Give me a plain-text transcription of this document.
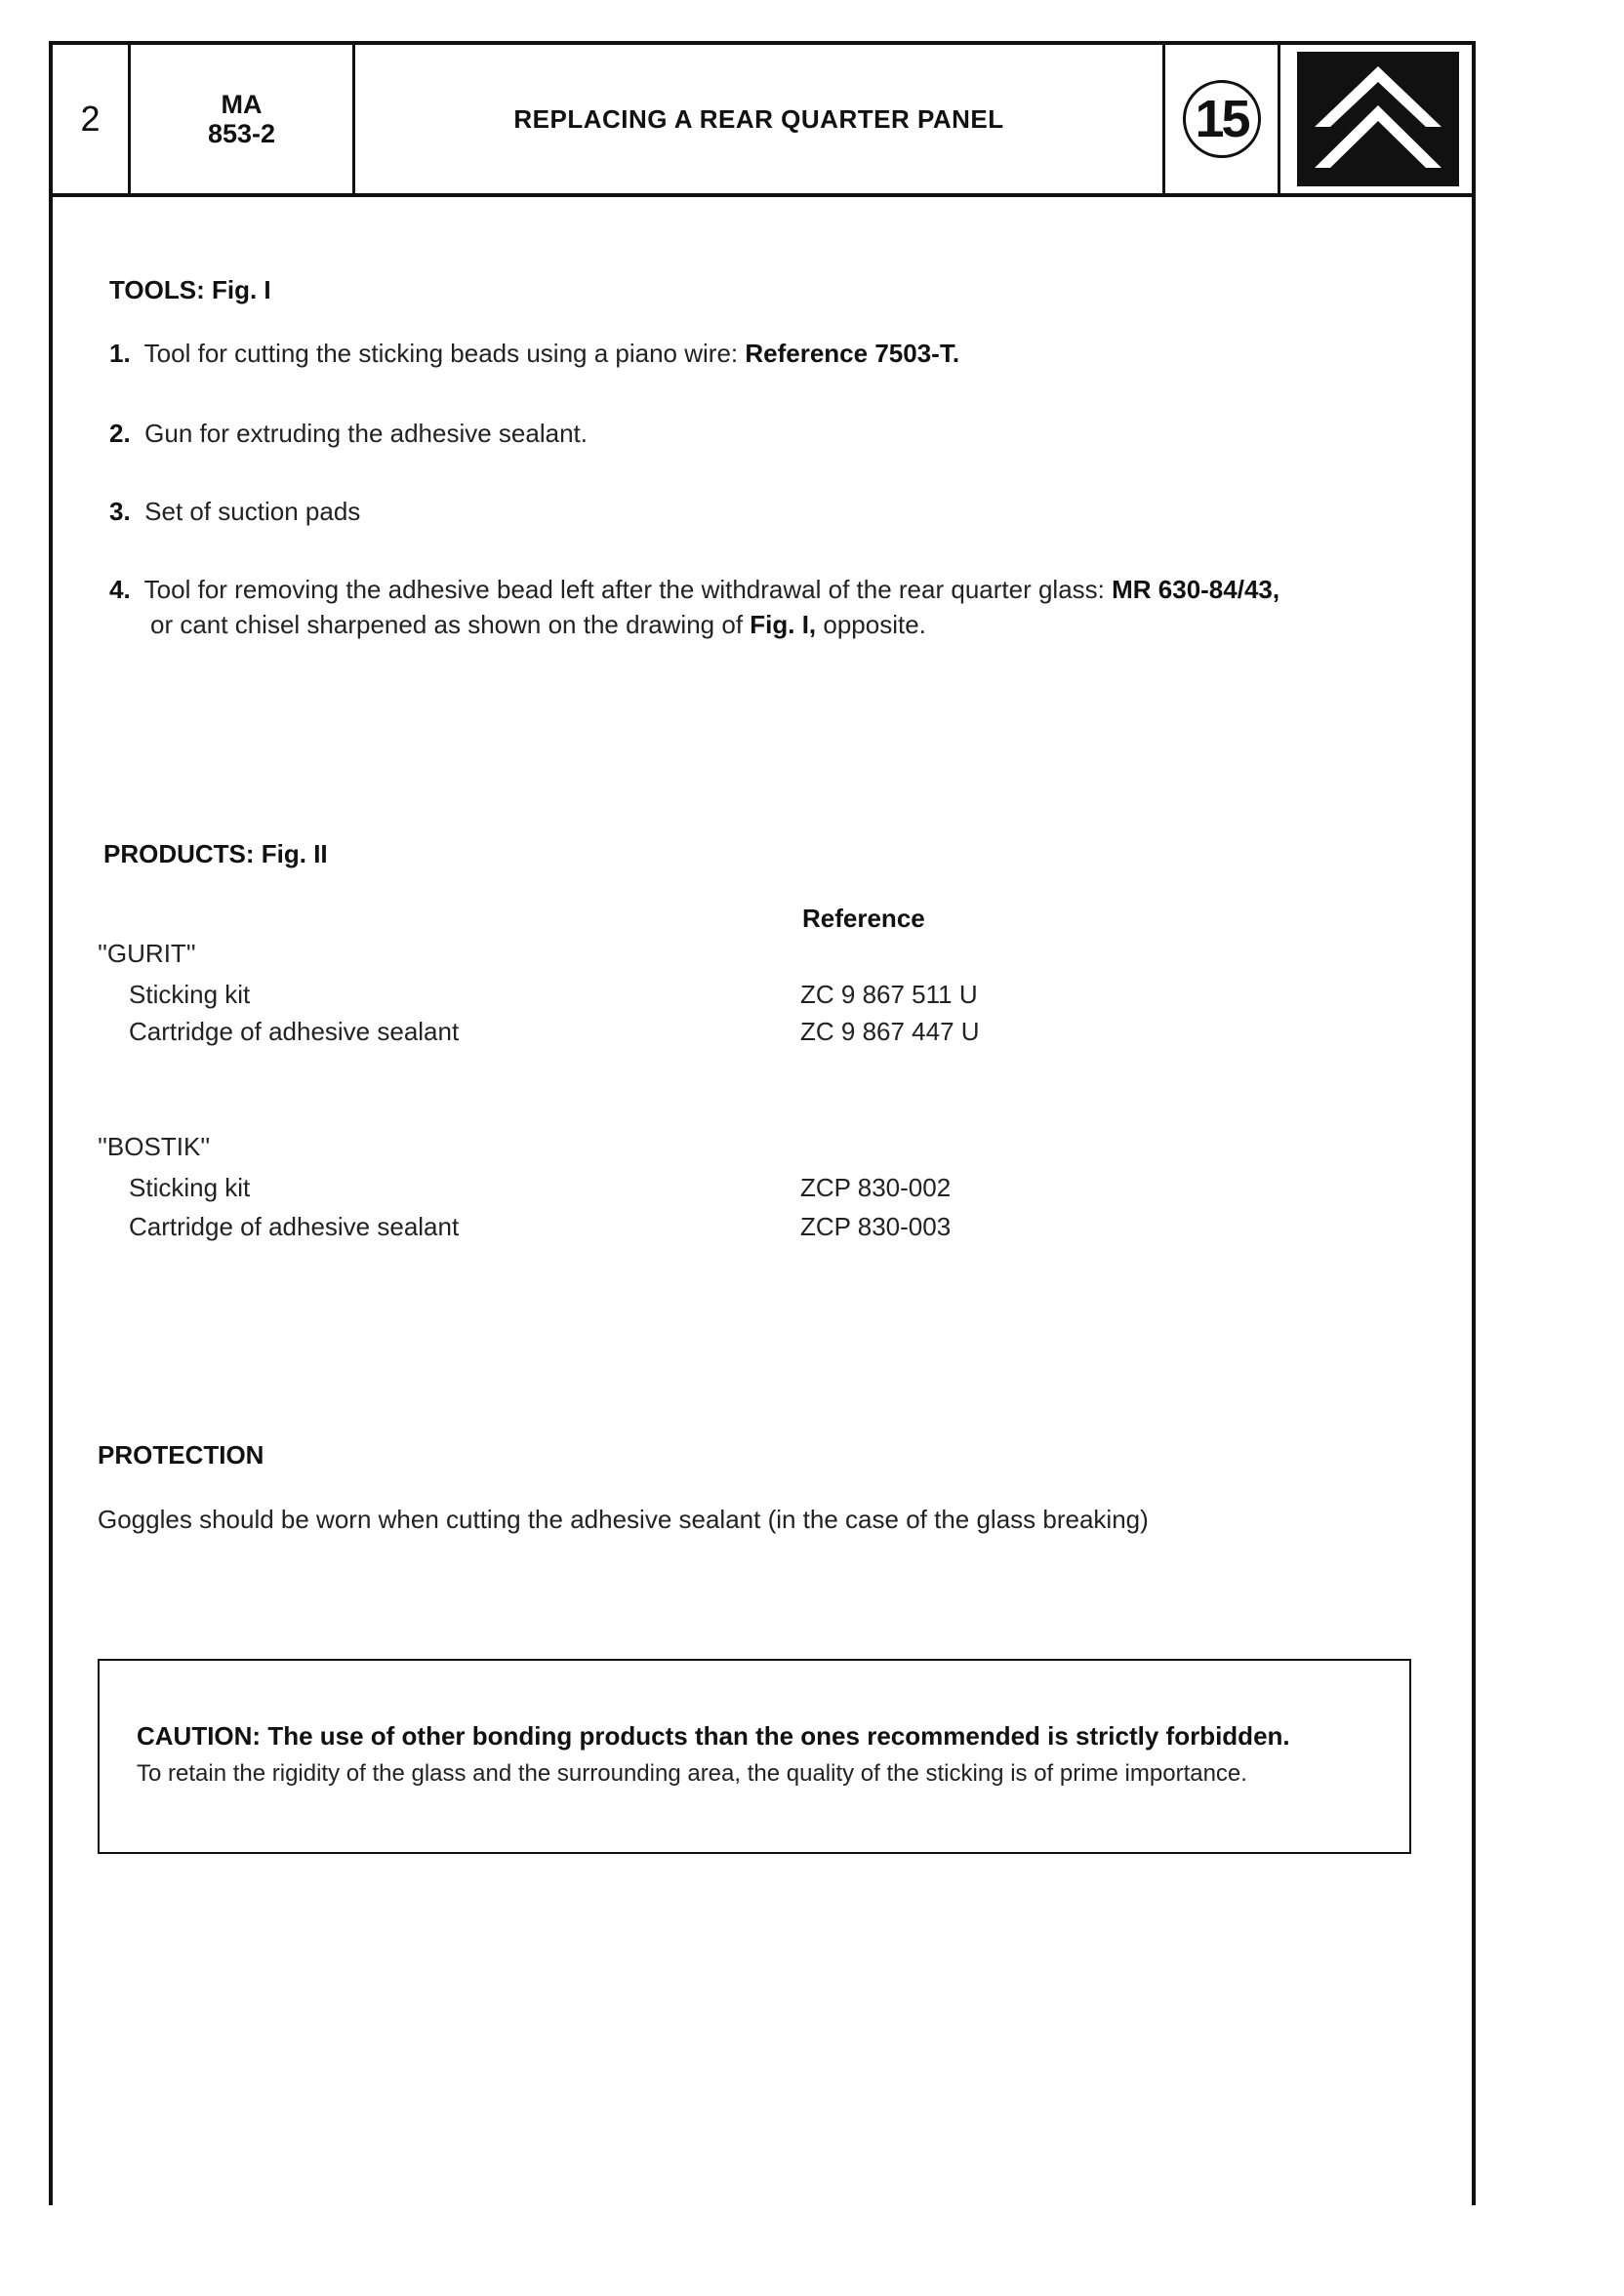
2	MA
853-2
REPLACING A REAR QUARTER PANEL	15
TOOLS: Fig. I
1. Tool for cutting the sticking beads using a piano wire: Reference 7503-T.
2. Gun for extruding the adhesive sealant.
3. Set of suction pads
4. Tool for removing the adhesive bead left after the withdrawal of the rear quarter glass: MR 630-84/43,
or cant chisel sharpened as shown on the drawing of Fig. I, opposite.
PRODUCTS: Fig. II
Reference
''GURIT''
Sticking kit	ZC 9 867 511 U
Cartridge of adhesive sealant	ZC 9 867 447 U
''BOSTIK''
Sticking kit	ZCP 830-002
Cartridge of adhesive sealant	ZCP 830-003
PROTECTION
Goggles should be worn when cutting the adhesive sealant (in the case of the glass breaking)
CAUTION: The use of other bonding products than the ones recommended is strictly forbidden.
To retain the rigidity of the glass and the surrounding area, the quality of the sticking is of prime importance.
